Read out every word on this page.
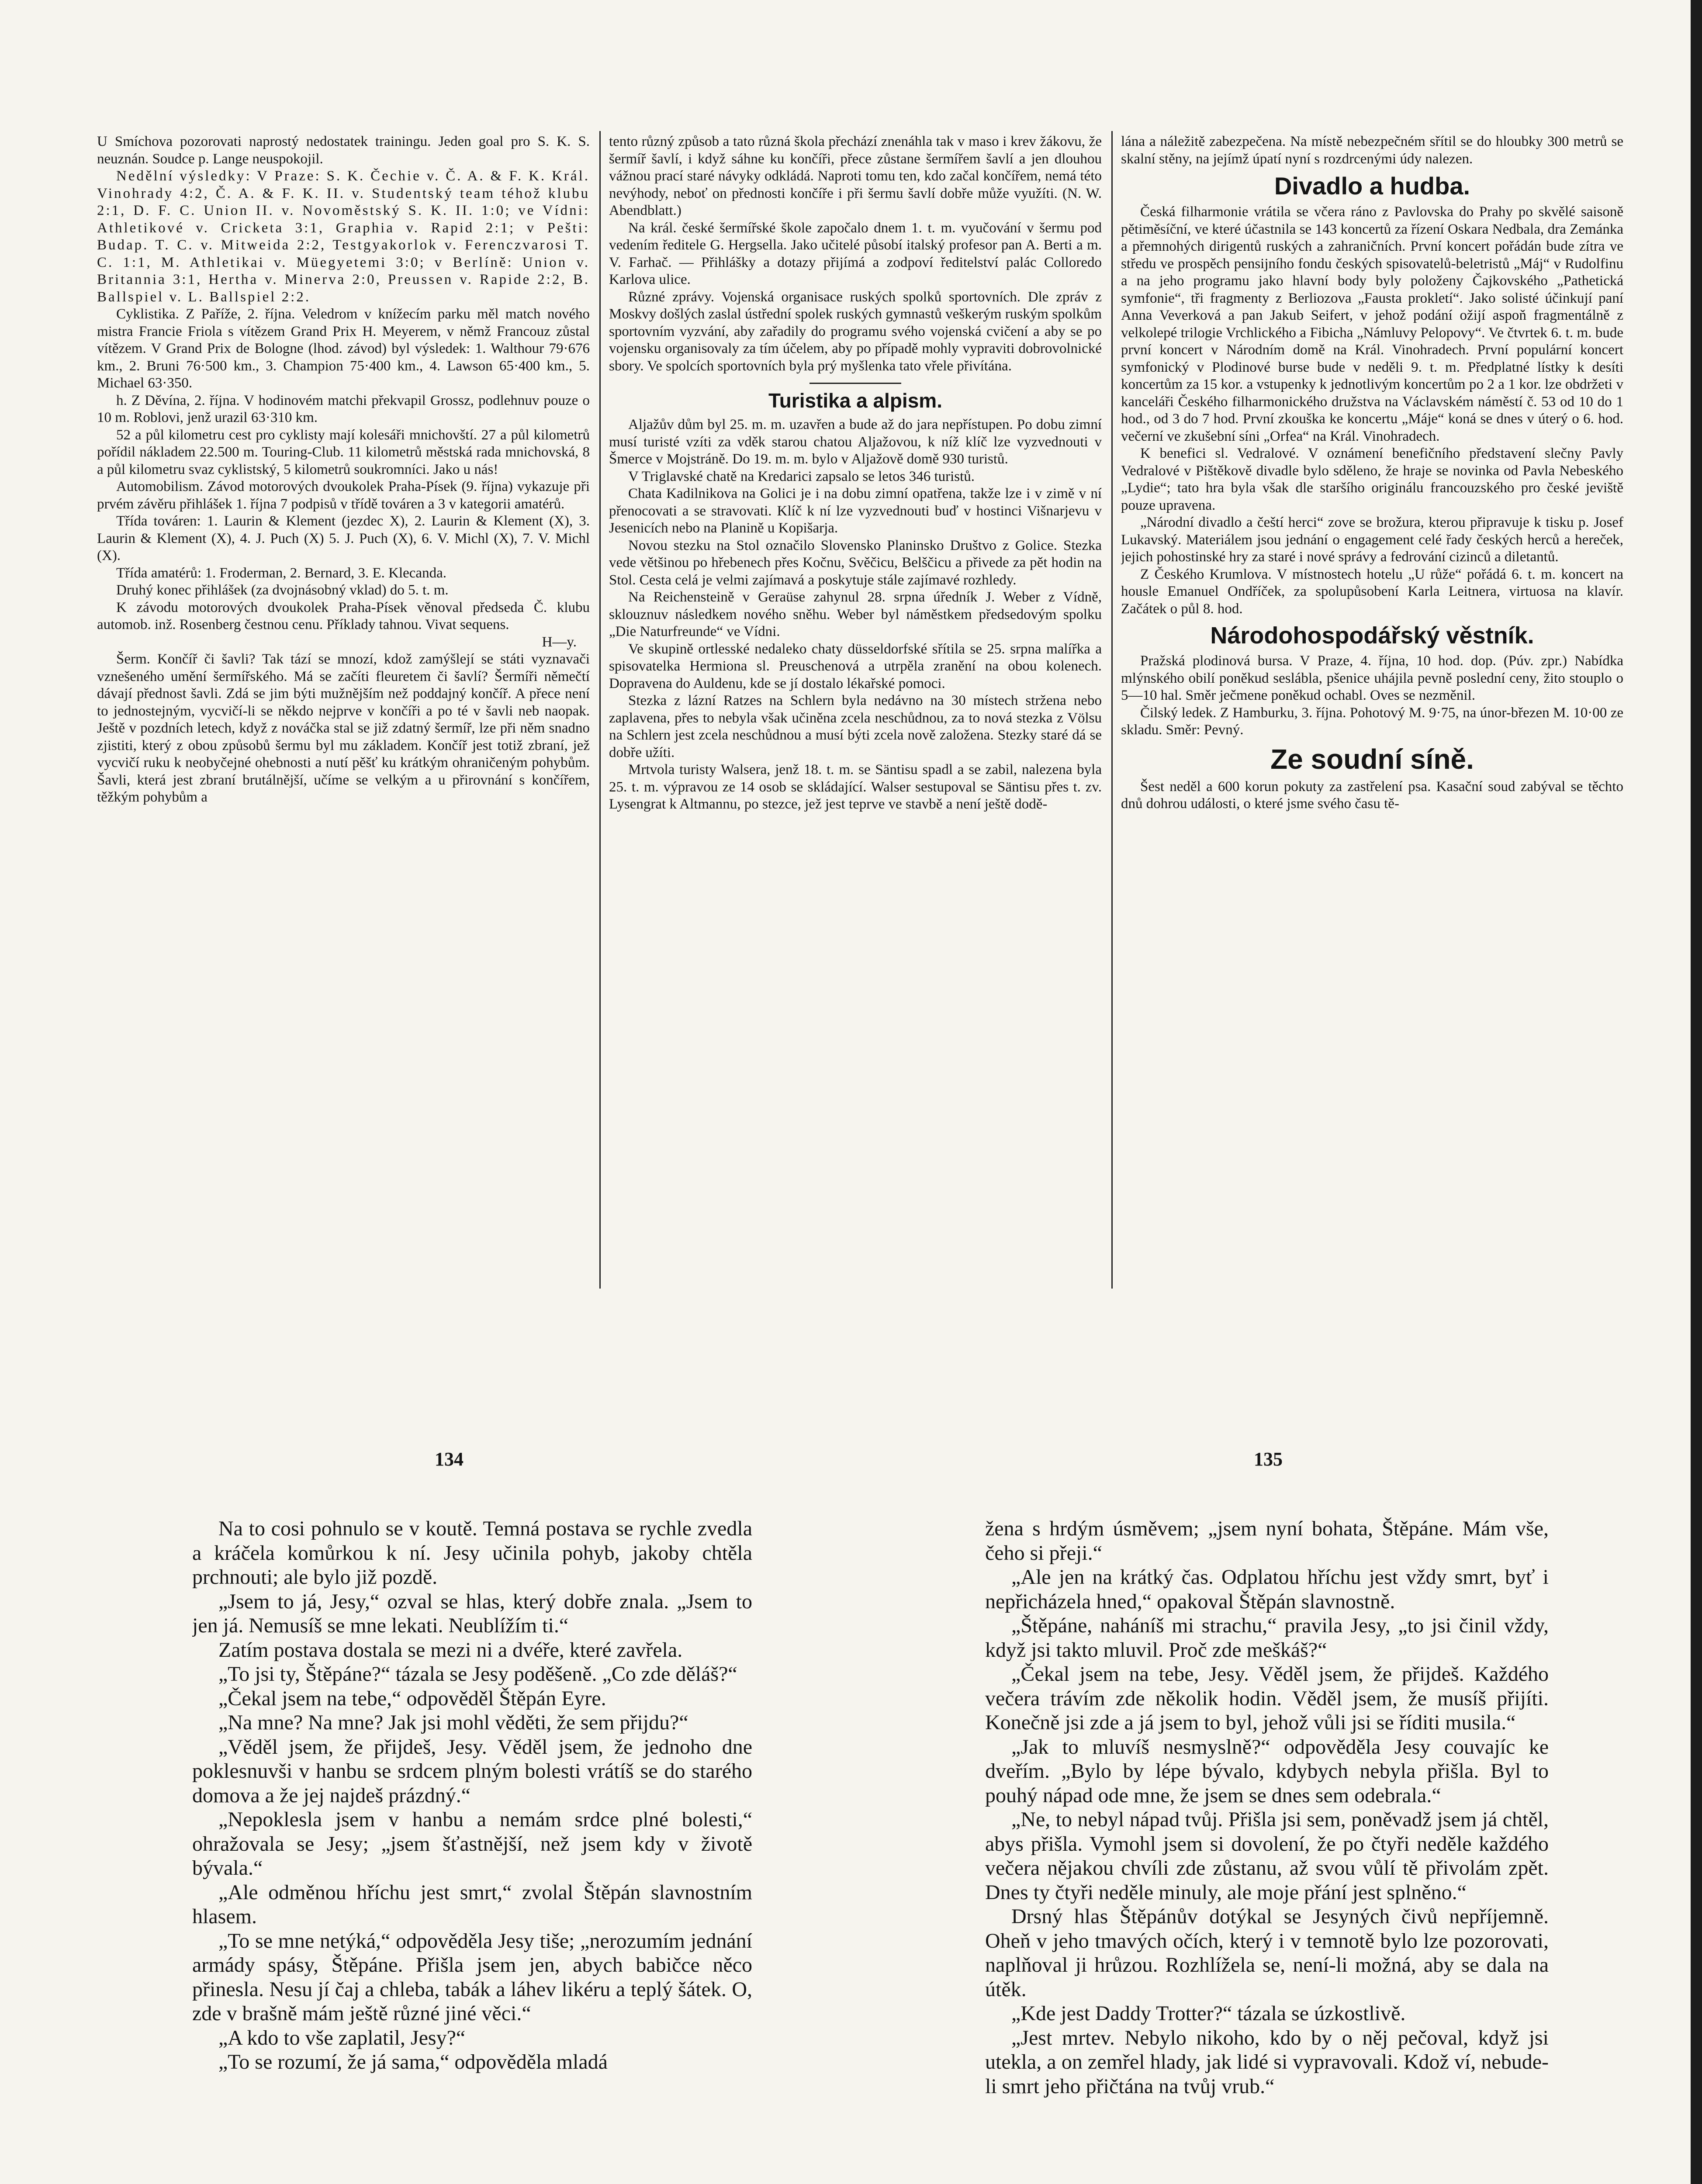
U Smíchova pozorovati naprostý nedostatek trainingu. Jeden goal pro S. K. S. neuznán. Soudce p. Lange neuspokojil.

Nedělní výsledky: V Praze: S. K. Čechie v. Č. A. & F. K. Král. Vinohrady 4:2, Č. A. & F. K. II. v. Studentský team téhož klubu 2:1, D. F. C. Union II. v. Novoměstský S. K. II. 1:0; ve Vídni: Athletikové v. Cricketa 3:1, Graphia v. Rapid 2:1; v Pešti: Budap. T. C. v. Mitweida 2:2, Testgyakorlok v. Ferenczvarosi T. C. 1:1, M. Athletikai v. Müegyetemi 3:0; v Berlíně: Union v. Britannia 3:1, Hertha v. Minerva 2:0, Preussen v. Rapide 2:2, B. Ballspiel v. L. Ballspiel 2:2.

Cyklistika. Z Paříže, 2. října. Veledrom v knížecím parku měl match nového mistra Francie Friola s vítězem Grand Prix H. Meyerem, v němž Francouz zůstal vítězem. V Grand Prix de Bologne (lhod. závod) byl výsledek: 1. Walthour 79·676 km., 2. Bruni 76·500 km., 3. Champion 75·400 km., 4. Lawson 65·400 km., 5. Michael 63·350.

h. Z Děvína, 2. října. V hodinovém matchi překvapil Grossz, podlehnuv pouze o 10 m. Roblovi, jenž urazil 63·310 km.

52 a půl kilometru cest pro cyklisty mají kolesáři mnichovští. 27 a půl kilometrů pořídil nákladem 22.500 m. Touring-Club. 11 kilometrů městská rada mnichovská, 8 a půl kilometru svaz cyklistský, 5 kilometrů soukromníci. Jako u nás!

Automobilism. Závod motorových dvoukolek Praha-Písek (9. října) vykazuje při prvém závěru přihlášek 1. října 7 podpisů v třídě továren a 3 v kategorii amatérů.

Třída továren: 1. Laurin & Klement (jezdec X), 2. Laurin & Klement (X), 3. Laurin & Klement (X), 4. J. Puch (X) 5. J. Puch (X), 6. V. Michl (X), 7. V. Michl (X).

Třída amatérů: 1. Froderman, 2. Bernard, 3. E. Klecanda.

Druhý konec přihlášek (za dvojnásobný vklad) do 5. t. m.

K závodu motorových dvoukolek Praha-Písek věnoval předseda Č. klubu automob. inž. Rosenberg čestnou cenu. Příklady tahnou. Vivat sequens.

H—y.

Šerm. Končíř či šavli? Tak tází se mnozí, kdož zamýšlejí se státi vyznavači vznešeného umění šermířského. Má se začíti fleuretem či šavlí? Šermíři němečtí dávají přednost šavli. Zdá se jim býti mužnějším než poddajný končíř. A přece není to jednostejným, vycvičí-li se někdo nejprve v končíři a po té v šavli neb naopak. Ještě v pozdních letech, když z nováčka stal se již zdatný šermíř, lze při něm snadno zjistiti, který z obou způsobů šermu byl mu základem. Končíř jest totiž zbraní, jež vycvičí ruku k neobyčejné ohebnosti a nutí pěšť ku krátkým ohraničeným pohybům. Šavli, která jest zbraní brutálnější, učíme se velkým a u přirovnání s končířem, těžkým pohybům a

tento různý způsob a tato různá škola přechází znenáhla tak v maso i krev žákovu, že šermíř šavlí, i když sáhne ku končíři, přece zůstane šermířem šavlí a jen dlouhou vážnou prací staré návyky odkládá. Naproti tomu ten, kdo začal končířem, nemá této nevýhody, neboť on přednosti končíře i při šermu šavlí dobře může využíti. (N. W. Abendblatt.)

Na král. české šermířské škole započalo dnem 1. t. m. vyučování v šermu pod vedením ředitele G. Hergsella. Jako učitelé působí italský profesor pan A. Berti a m. V. Farhač. — Přihlášky a dotazy přijímá a zodpoví ředitelství palác Colloredo Karlova ulice.

Různé zprávy. Vojenská organisace ruských spolků sportovních. Dle zpráv z Moskvy došlých zaslal ústřední spolek ruských gymnastů veškerým ruským spolkům sportovním vyzvání, aby zařadily do programu svého vojenská cvičení a aby se po vojensku organisovaly za tím účelem, aby po případě mohly vypraviti dobrovolnické sbory. Ve spolcích sportovních byla prý myšlenka tato vřele přivítána.

Turistika a alpism.

Aljažův dům byl 25. m. m. uzavřen a bude až do jara nepřístupen. Po dobu zimní musí turisté vzíti za vděk starou chatou Aljažovou, k níž klíč lze vyzvednouti v Šmerce v Mojstráně. Do 19. m. m. bylo v Aljažově domě 930 turistů.

V Triglavské chatě na Kredarici zapsalo se letos 346 turistů.

Chata Kadilnikova na Golici je i na dobu zimní opatřena, takže lze i v zimě v ní přenocovati a se stravovati. Klíč k ní lze vyzvednouti buď v hostinci Višnarjevu v Jesenicích nebo na Planině u Kopišarja.

Novou stezku na Stol označilo Slovensko Planinsko Društvo z Golice. Stezka vede většinou po hřebenech přes Kočnu, Svěčicu, Belščicu a přivede za pět hodin na Stol. Cesta celá je velmi zajímavá a poskytuje stále zajímavé rozhledy.

Na Reichensteině v Geraüse zahynul 28. srpna úředník J. Weber z Vídně, sklouznuv následkem nového sněhu. Weber byl náměstkem předsedovým spolku „Die Naturfreunde“ ve Vídni.

Ve skupině ortlesské nedaleko chaty düsseldorfské sřítila se 25. srpna malířka a spisovatelka Hermiona sl. Preuschenová a utrpěla zranění na obou kolenech. Dopravena do Auldenu, kde se jí dostalo lékařské pomoci.

Stezka z lázní Ratzes na Schlern byla nedávno na 30 místech stržena nebo zaplavena, přes to nebyla však učiněna zcela neschůdnou, za to nová stezka z Völsu na Schlern jest zcela neschůdnou a musí býti zcela nově založena. Stezky staré dá se dobře užíti.

Mrtvola turisty Walsera, jenž 18. t. m. se Säntisu spadl a se zabil, nalezena byla 25. t. m. výpravou ze 14 osob se skládající. Walser sestupoval se Säntisu přes t. zv. Lysengrat k Altmannu, po stezce, jež jest teprve ve stavbě a není ještě dodě-

lána a náležitě zabezpečena. Na místě nebezpečném sřítil se do hloubky 300 metrů se skalní stěny, na jejímž úpatí nyní s rozdrcenými údy nalezen.

Divadlo a hudba.

Česká filharmonie vrátila se včera ráno z Pavlovska do Prahy po skvělé saisoně pětiměsíční, ve které účastnila se 143 koncertů za řízení Oskara Nedbala, dra Zemánka a přemnohých dirigentů ruských a zahraničních. První koncert pořádán bude zítra ve středu ve prospěch pensijního fondu českých spisovatelů-beletristů „Máj“ v Rudolfinu a na jeho programu jako hlavní body byly položeny Čajkovského „Pathetická symfonie“, tři fragmenty z Berliozova „Fausta prokletí“. Jako solisté účinkují paní Anna Veverková a pan Jakub Seifert, v jehož podání ožijí aspoň fragmentálně z velkolepé trilogie Vrchlického a Fibicha „Námluvy Pelopovy“. Ve čtvrtek 6. t. m. bude první koncert v Národním domě na Král. Vinohradech. První populární koncert symfonický v Plodinové burse bude v neděli 9. t. m. Předplatné lístky k desíti koncertům za 15 kor. a vstupenky k jednotlivým koncertům po 2 a 1 kor. lze obdržeti v kanceláři Českého filharmonického družstva na Václavském náměstí č. 53 od 10 do 1 hod., od 3 do 7 hod. První zkouška ke koncertu „Máje“ koná se dnes v úterý o 6. hod. večerní ve zkušební síni „Orfea“ na Král. Vinohradech.

K benefici sl. Vedralové. V oznámení benefičního představení slečny Pavly Vedralové v Pištěkově divadle bylo sděleno, že hraje se novinka od Pavla Nebeského „Lydie“; tato hra byla však dle staršího originálu francouzského pro české jeviště pouze upravena.

„Národní divadlo a čeští herci“ zove se brožura, kterou připravuje k tisku p. Josef Lukavský. Materiálem jsou jednání o engagement celé řady českých herců a hereček, jejich pohostinské hry za staré i nové správy a fedrování cizinců a diletantů.

Z Českého Krumlova. V místnostech hotelu „U růže“ pořádá 6. t. m. koncert na housle Emanuel Ondříček, za spolupůsobení Karla Leitnera, virtuosa na klavír. Začátek o půl 8. hod.

Národohospodářský věstník.

Pražská plodinová bursa. V Praze, 4. října, 10 hod. dop. (Púv. zpr.) Nabídka mlýnského obilí poněkud seslábla, pšenice uhájila pevně poslední ceny, žito stouplo o 5—10 hal. Směr ječmene poněkud ochabl. Oves se nezměnil.

Čilský ledek. Z Hamburku, 3. října. Pohotový M. 9·75, na únor-březen M. 10·00 ze skladu. Směr: Pevný.

Ze soudní síně.

Šest neděl a 600 korun pokuty za zastřelení psa. Kasační soud zabýval se těchto dnů dohrou události, o které jsme svého času tě-

134	135

Na to cosi pohnulo se v koutě. Temná postava se rychle zvedla a kráčela komůrkou k ní. Jesy učinila pohyb, jakoby chtěla prchnouti; ale bylo již pozdě.

„Jsem to já, Jesy,“ ozval se hlas, který dobře znala. „Jsem to jen já. Nemusíš se mne lekati. Neublížím ti.“

Zatím postava dostala se mezi ni a dvéře, které zavřela.

„To jsi ty, Štěpáne?“ tázala se Jesy poděšeně. „Co zde děláš?“

„Čekal jsem na tebe,“ odpověděl Štěpán Eyre.

„Na mne? Na mne? Jak jsi mohl věděti, že sem přijdu?“

„Věděl jsem, že přijdeš, Jesy. Věděl jsem, že jednoho dne poklesnuvši v hanbu se srdcem plným bolesti vrátíš se do starého domova a že jej najdeš prázdný.“

„Nepoklesla jsem v hanbu a nemám srdce plné bolesti,“ ohražovala se Jesy; „jsem šťastnější, než jsem kdy v životě bývala.“

„Ale odměnou hříchu jest smrt,“ zvolal Štěpán slavnostním hlasem.

„To se mne netýká,“ odpověděla Jesy tiše; „nerozumím jednání armády spásy, Štěpáne. Přišla jsem jen, abych babičce něco přinesla. Nesu jí čaj a chleba, tabák a láhev likéru a teplý šátek. O, zde v brašně mám ještě různé jiné věci.“

„A kdo to vše zaplatil, Jesy?“

„To se rozumí, že já sama,“ odpověděla mladá

žena s hrdým úsměvem; „jsem nyní bohata, Štěpáne. Mám vše, čeho si přeji.“

„Ale jen na krátký čas. Odplatou hříchu jest vždy smrt, byť i nepřicházela hned,“ opakoval Štěpán slavnostně.

„Štěpáne, naháníš mi strachu,“ pravila Jesy, „to jsi činil vždy, když jsi takto mluvil. Proč zde meškáš?“

„Čekal jsem na tebe, Jesy. Věděl jsem, že přijdeš. Každého večera trávím zde několik hodin. Věděl jsem, že musíš přijíti. Konečně jsi zde a já jsem to byl, jehož vůli jsi se říditi musila.“

„Jak to mluvíš nesmyslně?“ odpověděla Jesy couvajíc ke dveřím. „Bylo by lépe bývalo, kdybych nebyla přišla. Byl to pouhý nápad ode mne, že jsem se dnes sem odebrala.“

„Ne, to nebyl nápad tvůj. Přišla jsi sem, poněvadž jsem já chtěl, abys přišla. Vymohl jsem si dovolení, že po čtyři neděle každého večera nějakou chvíli zde zůstanu, až svou vůlí tě přivolám zpět. Dnes ty čtyři neděle minuly, ale moje přání jest splněno.“

Drsný hlas Štěpánův dotýkal se Jesyných čivů nepříjemně. Oheň v jeho tmavých očích, který i v temnotě bylo lze pozorovati, naplňoval ji hrůzou. Rozhlížela se, není-li možná, aby se dala na útěk.

„Kde jest Daddy Trotter?“ tázala se úzkostlivě.

„Jest mrtev. Nebylo nikoho, kdo by o něj pečoval, když jsi utekla, a on zemřel hlady, jak lidé si vypravovali. Kdož ví, nebude-li smrt jeho přičtána na tvůj vrub.“
